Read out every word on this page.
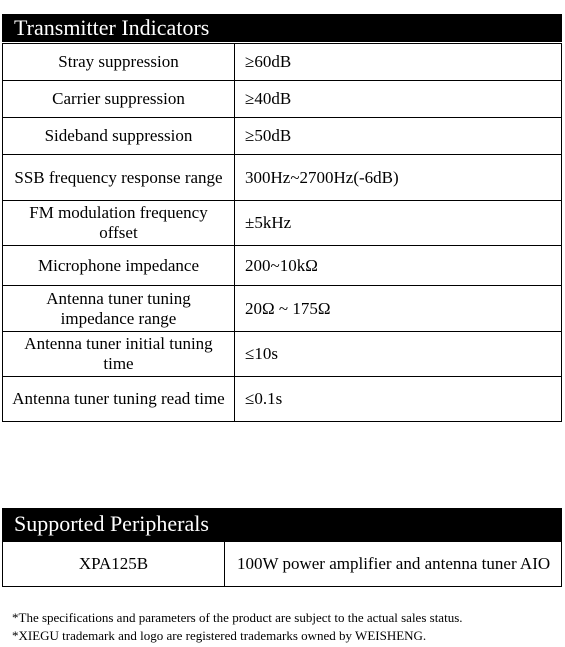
Transmitter Indicators
Stray suppression	≥60dB
Carrier suppression	≥40dB
Sideband suppression	≥50dB
SSB frequency response range	300Hz~2700Hz(-6dB)
FM modulation frequency offset	±5kHz
Microphone impedance	200~10kΩ
Antenna tuner tuning impedance range	20Ω ~ 175Ω
Antenna tuner initial tuning time	≤10s
Antenna tuner tuning read time	≤0.1s
Supported Peripherals
XPA125B	100W power amplifier and antenna tuner AIO
*The specifications and parameters of the product are subject to the actual sales status.
*XIEGU trademark and logo are registered trademarks owned by WEISHENG.
